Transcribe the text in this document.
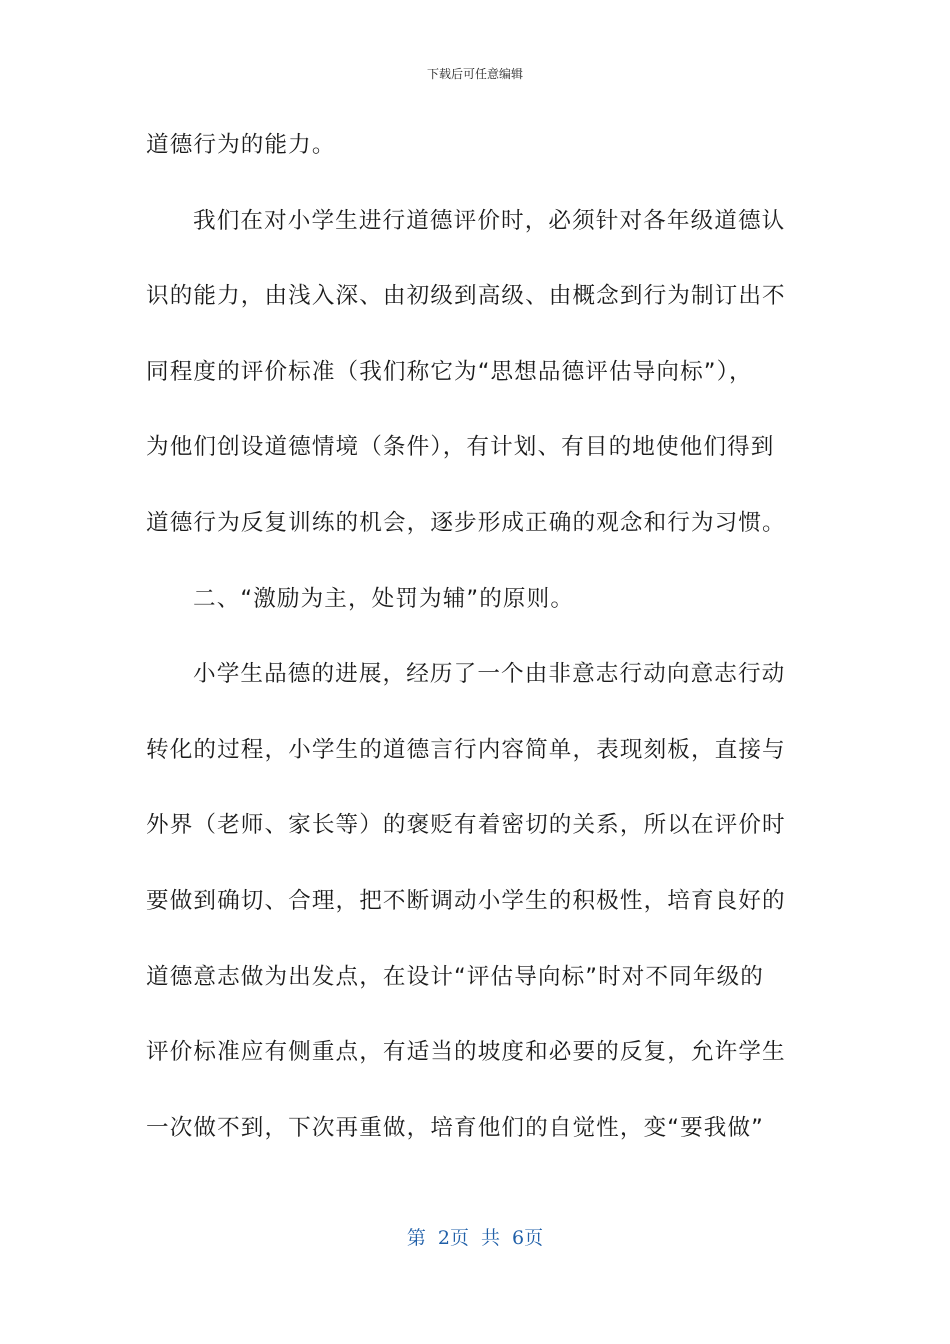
下载后可任意编辑
道德行为的能力。
我们在对小学生进行道德评价时，必须针对各年级道德认
识的能力，由浅入深、由初级到高级、由概念到行为制订出不
同程度的评价标准（我们称它为“思想品德评估导向标”），
为他们创设道德情境（条件），有计划、有目的地使他们得到
道德行为反复训练的机会，逐步形成正确的观念和行为习惯。
二、“激励为主，处罚为辅”的原则。
小学生品德的进展，经历了一个由非意志行动向意志行动
转化的过程，小学生的道德言行内容简单，表现刻板，直接与
外界（老师、家长等）的褒贬有着密切的关系，所以在评价时
要做到确切、合理，把不断调动小学生的积极性，培育良好的
道德意志做为出发点，在设计“评估导向标”时对不同年级的
评价标准应有侧重点，有适当的坡度和必要的反复，允许学生
一次做不到，下次再重做，培育他们的自觉性，变“要我做”
第 2页 共 6页
